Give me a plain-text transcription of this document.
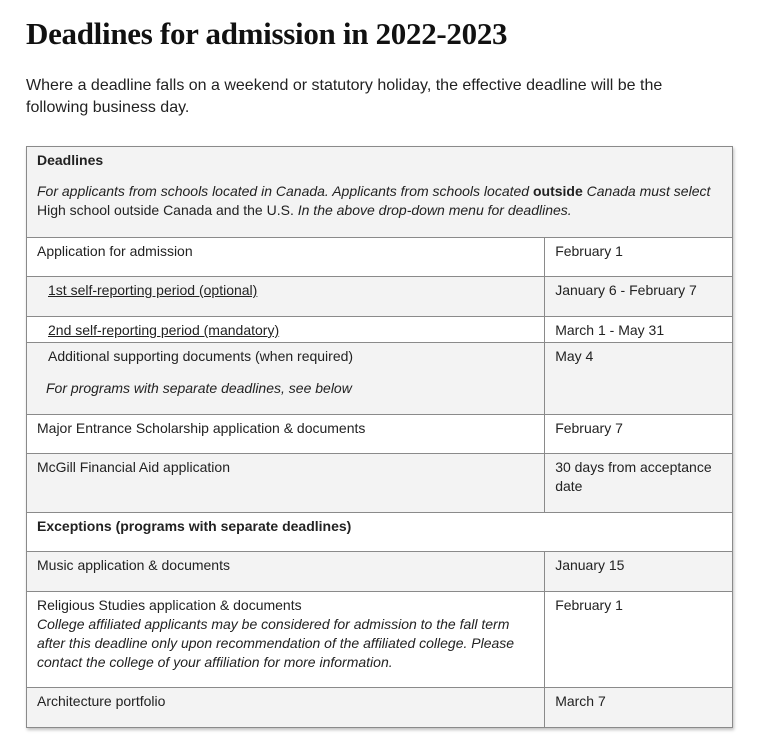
Deadlines for admission in 2022-2023

Where a deadline falls on a weekend or statutory holiday, the effective deadline will be the following business day.

Deadlines
For applicants from schools located in Canada. Applicants from schools located outside Canada must select High school outside Canada and the U.S. In the above drop-down menu for deadlines.	

Application for admission	February 1
1st self-reporting period (optional)	January 6 - February 7
2nd self-reporting period (mandatory)	March 1 - May 31

Additional supporting documents (when required)
For programs with separate deadlines, see below	May 4
Major Entrance Scholarship application & documents	February 7
McGill Financial Aid application	30 days from acceptance date
Exceptions (programs with separate deadlines)	
Music application & documents	January 15

Religious Studies application & documents
College affiliated applicants may be considered for admission to the fall term after this deadline only upon recommendation of the affiliated college. Please contact the college of your affiliation for more information.	February 1
Architecture portfolio	March 7
